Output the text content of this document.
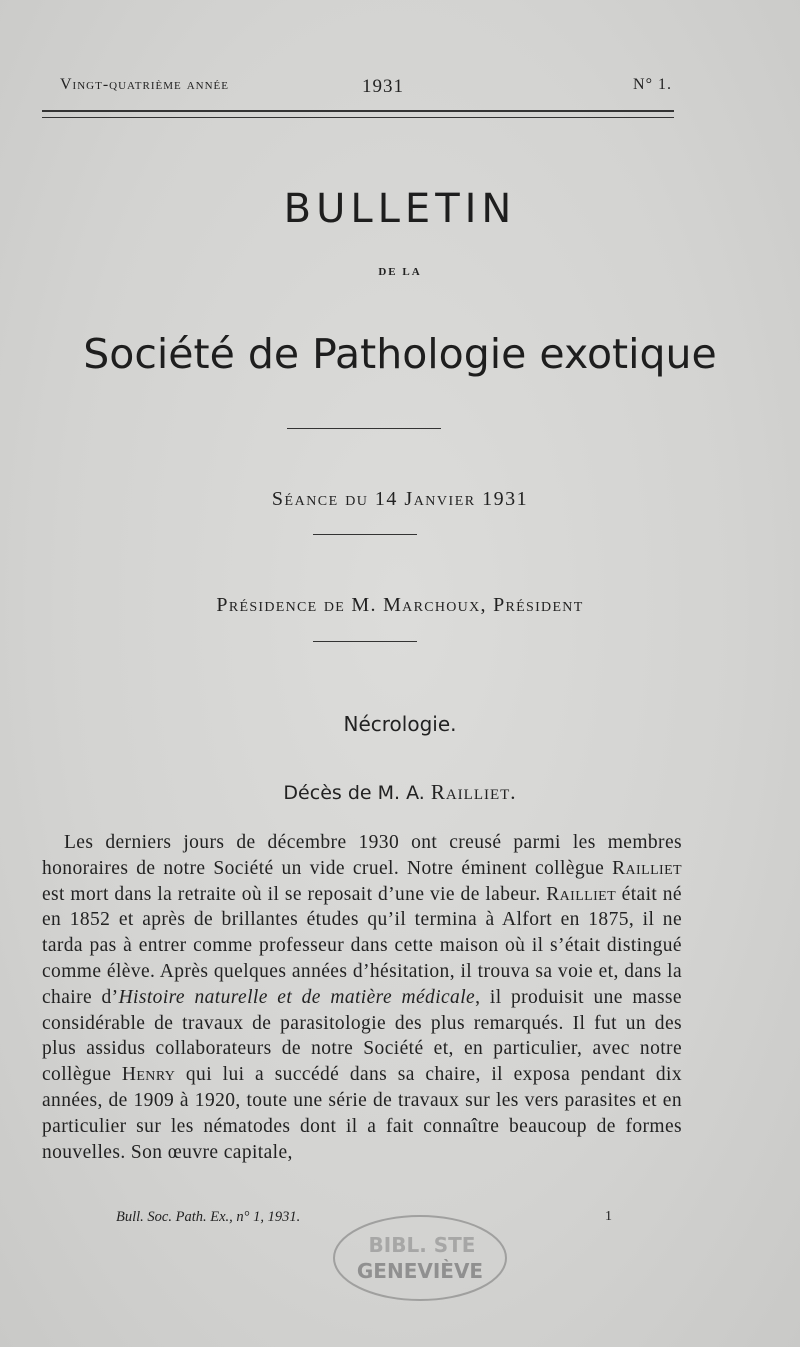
Vingt-quatrième année	1931	N° 1.
BULLETIN
DE LA
Société de Pathologie exotique
Séance du 14 Janvier 1931
Présidence de M. Marchoux, Président
Nécrologie.
Décès de M. A. Railliet.

Les derniers jours de décembre 1930 ont creusé parmi les membres honoraires de notre Société un vide cruel. Notre éminent collègue Railliet est mort dans la retraite où il se reposait d’une vie de labeur. Railliet était né en 1852 et après de brillantes études qu’il termina à Alfort en 1875, il ne tarda pas à entrer comme professeur dans cette maison où il s’était distingué comme élève. Après quelques années d’hésitation, il trouva sa voie et, dans la chaire d’Histoire naturelle et de matière médicale, il produisit une masse considérable de travaux de parasitologie des plus remarqués. Il fut un des plus assidus collaborateurs de notre Société et, en particulier, avec notre collègue Henry qui lui a succédé dans sa chaire, il exposa pendant dix années, de 1909 à 1920, toute une série de travaux sur les vers parasites et en particulier sur les nématodes dont il a fait connaître beaucoup de formes nouvelles. Son œuvre capitale,

Bull. Soc. Path. Ex., n° 1, 1931.	1
BIBL. STE
GENEVIÈVE
